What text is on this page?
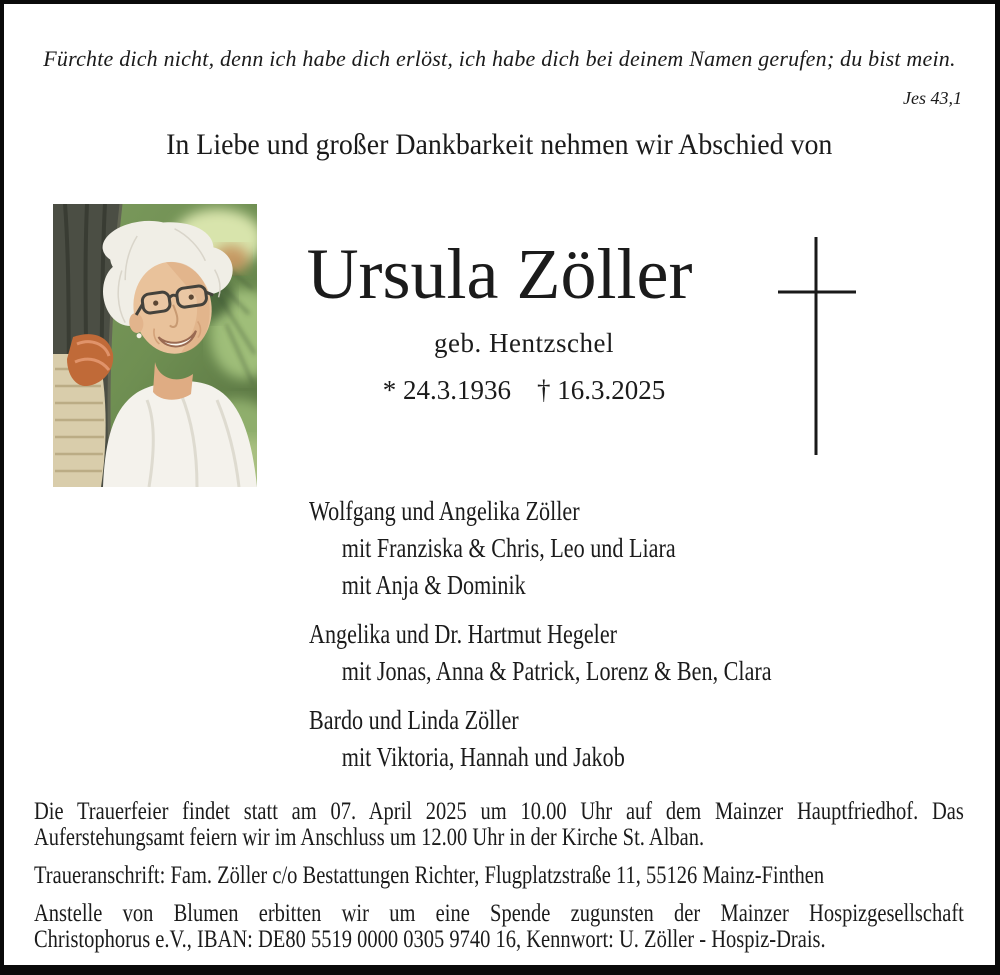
Fürchte dich nicht, denn ich habe dich erlöst, ich habe dich bei deinem Namen gerufen; du bist mein.
Jes 43,1
In Liebe und großer Dankbarkeit nehmen wir Abschied von
Ursula Zöller
geb. Hentzschel
* 24.3.1936 † 16.3.2025
Wolfgang und Angelika Zöller
mit Franziska & Chris, Leo und Liara
mit Anja & Dominik
Angelika und Dr. Hartmut Hegeler
mit Jonas, Anna & Patrick, Lorenz & Ben, Clara
Bardo und Linda Zöller
mit Viktoria, Hannah und Jakob
Die Trauerfeier findet statt am 07. April 2025 um 10.00 Uhr auf dem Mainzer Hauptfriedhof. Das
Auferstehungsamt feiern wir im Anschluss um 12.00 Uhr in der Kirche St. Alban.
Traueranschrift: Fam. Zöller c/o Bestattungen Richter, Flugplatzstraße 11, 55126 Mainz-Finthen
Anstelle von Blumen erbitten wir um eine Spende zugunsten der Mainzer Hospizgesellschaft
Christophorus e.V., IBAN: DE80 5519 0000 0305 9740 16, Kennwort: U. Zöller - Hospiz-Drais.
